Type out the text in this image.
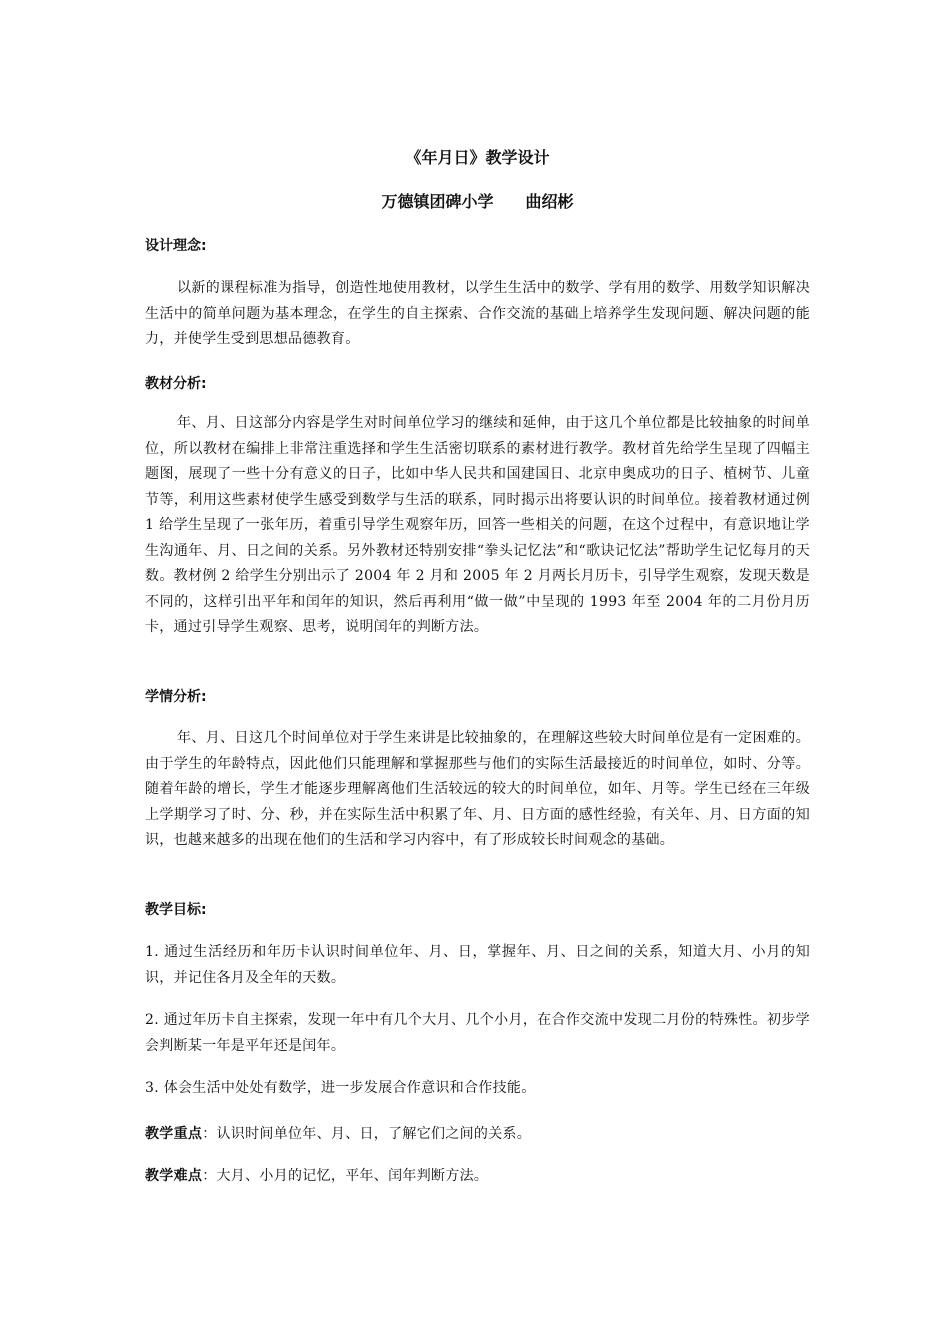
《年月日》教学设计
万德镇团碑小学 曲绍彬
设计理念:
以新的课程标准为指导，创造性地使用教材，以学生生活中的数学、学有用的数学、用数学知识解决生活中的简单问题为基本理念，在学生的自主探索、合作交流的基础上培养学生发现问题、解决问题的能力，并使学生受到思想品德教育。
教材分析:
年、月、日这部分内容是学生对时间单位学习的继续和延伸，由于这几个单位都是比较抽象的时间单位，所以教材在编排上非常注重选择和学生生活密切联系的素材进行教学。教材首先给学生呈现了四幅主题图，展现了一些十分有意义的日子，比如中华人民共和国建国日、北京申奥成功的日子、植树节、儿童节等，利用这些素材使学生感受到数学与生活的联系，同时揭示出将要认识的时间单位。接着教材通过例 1 给学生呈现了一张年历，着重引导学生观察年历，回答一些相关的问题，在这个过程中，有意识地让学生沟通年、月、日之间的关系。另外教材还特别安排“拳头记忆法”和“歌诀记忆法”帮助学生记忆每月的天数。教材例 2 给学生分别出示了 2004 年 2 月和 2005 年 2 月两长月历卡，引导学生观察，发现天数是不同的，这样引出平年和闰年的知识，然后再利用“做一做”中呈现的 1993 年至 2004 年的二月份月历卡，通过引导学生观察、思考，说明闰年的判断方法。
学情分析:
年、月、日这几个时间单位对于学生来讲是比较抽象的，在理解这些较大时间单位是有一定困难的。由于学生的年龄特点，因此他们只能理解和掌握那些与他们的实际生活最接近的时间单位，如时、分等。随着年龄的增长，学生才能逐步理解离他们生活较远的较大的时间单位，如年、月等。学生已经在三年级上学期学习了时、分、秒，并在实际生活中积累了年、月、日方面的感性经验，有关年、月、日方面的知识，也越来越多的出现在他们的生活和学习内容中，有了形成较长时间观念的基础。
教学目标:
1. 通过生活经历和年历卡认识时间单位年、月、日，掌握年、月、日之间的关系，知道大月、小月的知识，并记住各月及全年的天数。
2. 通过年历卡自主探索，发现一年中有几个大月、几个小月，在合作交流中发现二月份的特殊性。初步学会判断某一年是平年还是闰年。
3. 体会生活中处处有数学，进一步发展合作意识和合作技能。
教学重点：认识时间单位年、月、日，了解它们之间的关系。
教学难点：大月、小月的记忆，平年、闰年判断方法。
